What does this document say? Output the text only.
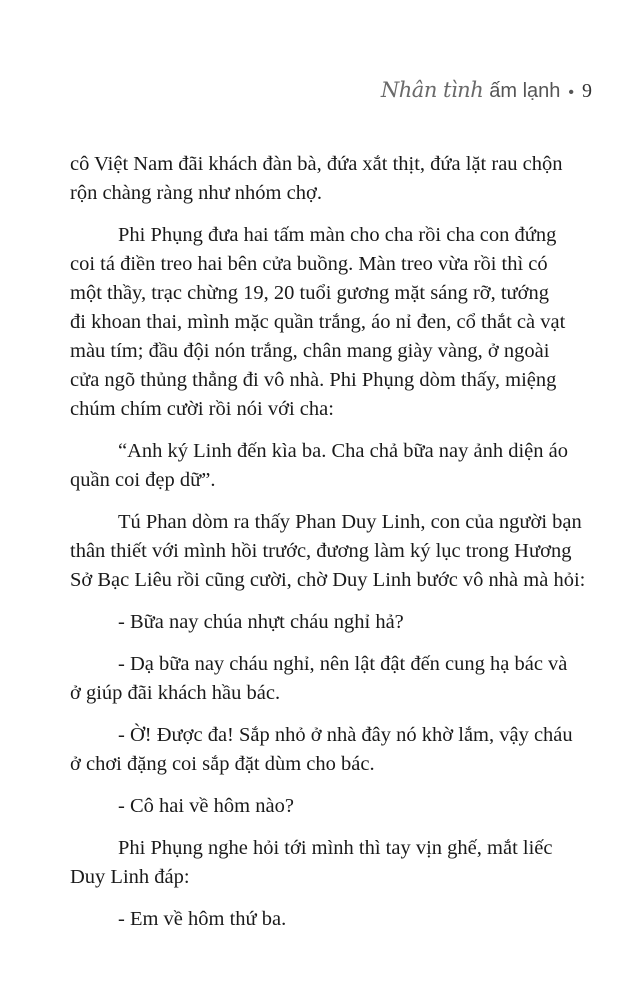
Nhân tình ấm lạnh • 9

cô Việt Nam đãi khách đàn bà, đứa xắt thịt, đứa lặt rau chộn
rộn chàng ràng như nhóm chợ.

Phi Phụng đưa hai tấm màn cho cha rồi cha con đứng
coi tá điền treo hai bên cửa buồng. Màn treo vừa rồi thì có
một thầy, trạc chừng 19, 20 tuổi gương mặt sáng rỡ, tướng
đi khoan thai, mình mặc quần trắng, áo nỉ đen, cổ thắt cà vạt
màu tím; đầu đội nón trắng, chân mang giày vàng, ở ngoài
cửa ngõ thủng thẳng đi vô nhà. Phi Phụng dòm thấy, miệng
chúm chím cười rồi nói với cha:

“Anh ký Linh đến kìa ba. Cha chả bữa nay ảnh diện áo
quần coi đẹp dữ”.

Tú Phan dòm ra thấy Phan Duy Linh, con của người bạn
thân thiết với mình hồi trước, đương làm ký lục trong Hương
Sở Bạc Liêu rồi cũng cười, chờ Duy Linh bước vô nhà mà hỏi:

- Bữa nay chúa nhựt cháu nghỉ hả?

- Dạ bữa nay cháu nghỉ, nên lật đật đến cung hạ bác và
ở giúp đãi khách hầu bác.

- Ờ! Được đa! Sắp nhỏ ở nhà đây nó khờ lắm, vậy cháu
ở chơi đặng coi sắp đặt dùm cho bác.

- Cô hai về hôm nào?

Phi Phụng nghe hỏi tới mình thì tay vịn ghế, mắt liếc
Duy Linh đáp:

- Em về hôm thứ ba.
